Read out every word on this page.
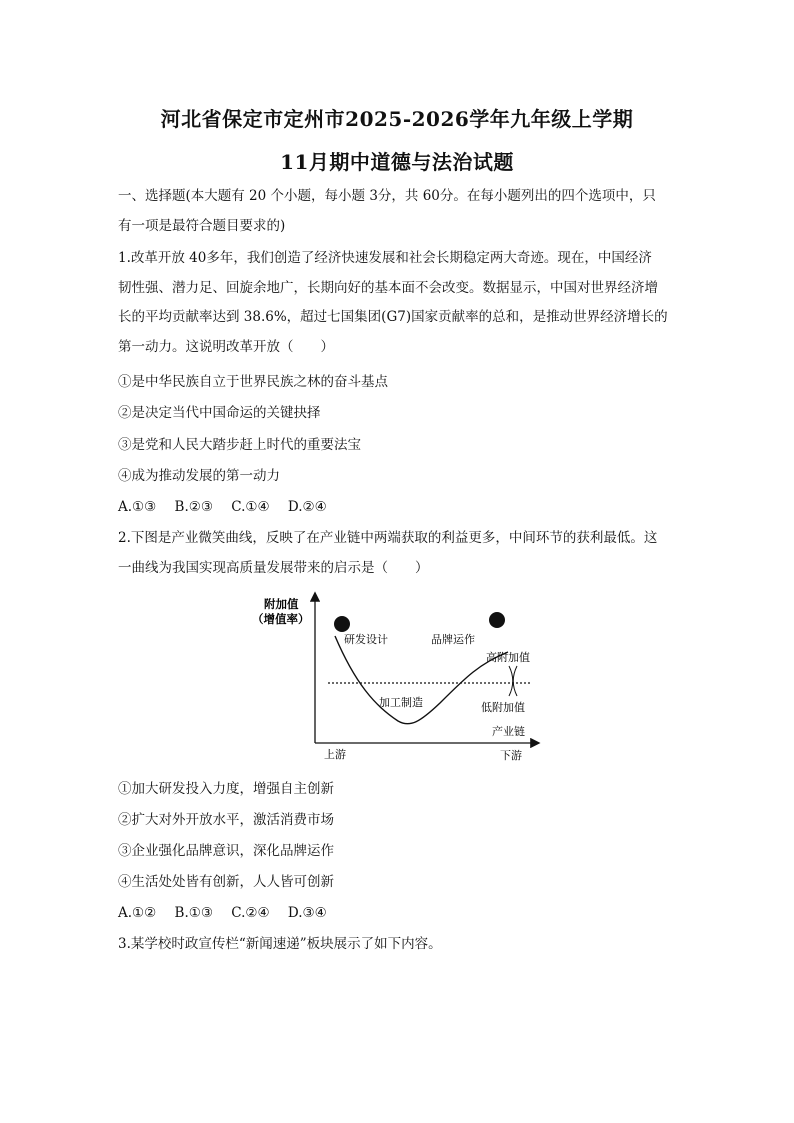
河北省保定市定州市2025-2026学年九年级上学期
11月期中道德与法治试题
一、选择题(本大题有 20 个小题，每小题 3分，共 60分。在每小题列出的四个选项中，只
有一项是最符合题目要求的)
1.改革开放 40多年，我们创造了经济快速发展和社会长期稳定两大奇迹。现在，中国经济
韧性强、潜力足、回旋余地广，长期向好的基本面不会改变。数据显示，中国对世界经济增
长的平均贡献率达到 38.6%，超过七国集团(G7)国家贡献率的总和，是推动世界经济增长的
第一动力。这说明改革开放（　　）
①是中华民族自立于世界民族之林的奋斗基点
②是决定当代中国命运的关键抉择
③是党和人民大踏步赶上时代的重要法宝
④成为推动发展的第一动力
A.①③ B.②③ C.①④ D.②④
2.下图是产业微笑曲线，反映了在产业链中两端获取的利益更多，中间环节的获利最低。这
一曲线为我国实现高质量发展带来的启示是（　　）
附加值
（增值率）
研发设计	品牌运作
高附加值
加工制造	低附加值
产业链
上游	下游
①加大研发投入力度，增强自主创新
②扩大对外开放水平，激活消费市场
③企业强化品牌意识，深化品牌运作
④生活处处皆有创新，人人皆可创新
A.①② B.①③ C.②④ D.③④
3.某学校时政宣传栏“新闻速递”板块展示了如下内容。
